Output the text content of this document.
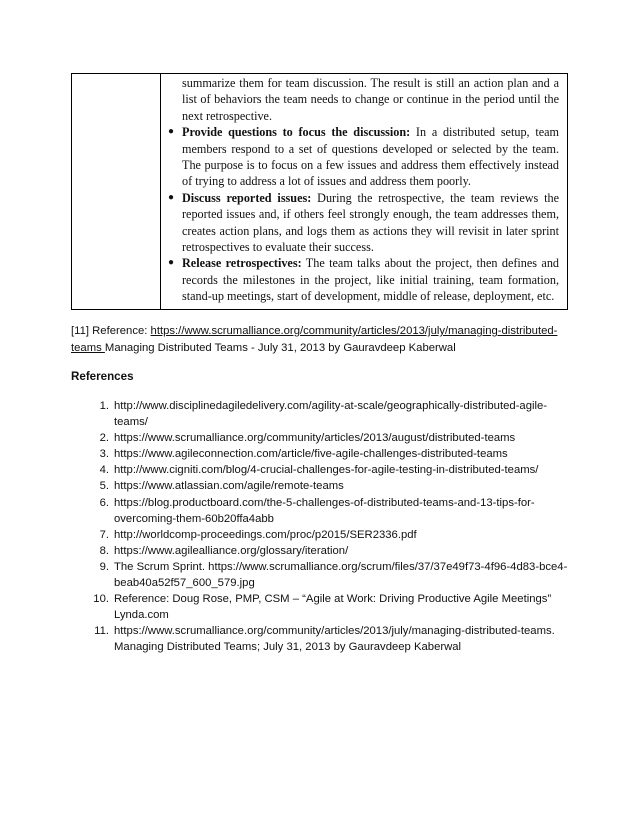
summarize them for team discussion. The result is still an action plan and a list of behaviors the team needs to change or continue in the period until the next retrospective.

● Provide questions to focus the discussion: In a distributed setup, team members respond to a set of questions developed or selected by the team. The purpose is to focus on a few issues and address them effectively instead of trying to address a lot of issues and address them poorly.
● Discuss reported issues: During the retrospective, the team reviews the reported issues and, if others feel strongly enough, the team addresses them, creates action plans, and logs them as actions they will revisit in later sprint retrospectives to evaluate their success.
● Release retrospectives: The team talks about the project, then defines and records the milestones in the project, like initial training, team formation, stand-up meetings, start of development, middle of release, deployment, etc.
[11] Reference: https://www.scrumalliance.org/community/articles/2013/july/managing-distributed-teams Managing Distributed Teams - July 31, 2013 by Gauravdeep Kaberwal
References
1. http://www.disciplinedagiledelivery.com/agility-at-scale/geographically-distributed-agile-teams/
2. https://www.scrumalliance.org/community/articles/2013/august/distributed-teams
3. https://www.agileconnection.com/article/five-agile-challenges-distributed-teams
4. http://www.cigniti.com/blog/4-crucial-challenges-for-agile-testing-in-distributed-teams/
5. https://www.atlassian.com/agile/remote-teams
6. https://blog.productboard.com/the-5-challenges-of-distributed-teams-and-13-tips-for-overcoming-them-60b20ffa4abb
7. http://worldcomp-proceedings.com/proc/p2015/SER2336.pdf
8. https://www.agilealliance.org/glossary/iteration/
9. The Scrum Sprint. https://www.scrumalliance.org/scrum/files/37/37e49f73-4f96-4d83-bce4-beab40a52f57_600_579.jpg
10. Reference: Doug Rose, PMP, CSM – “Agile at Work: Driving Productive Agile Meetings” Lynda.com
11. https://www.scrumalliance.org/community/articles/2013/july/managing-distributed-teams. Managing Distributed Teams; July 31, 2013 by Gauravdeep Kaberwal
